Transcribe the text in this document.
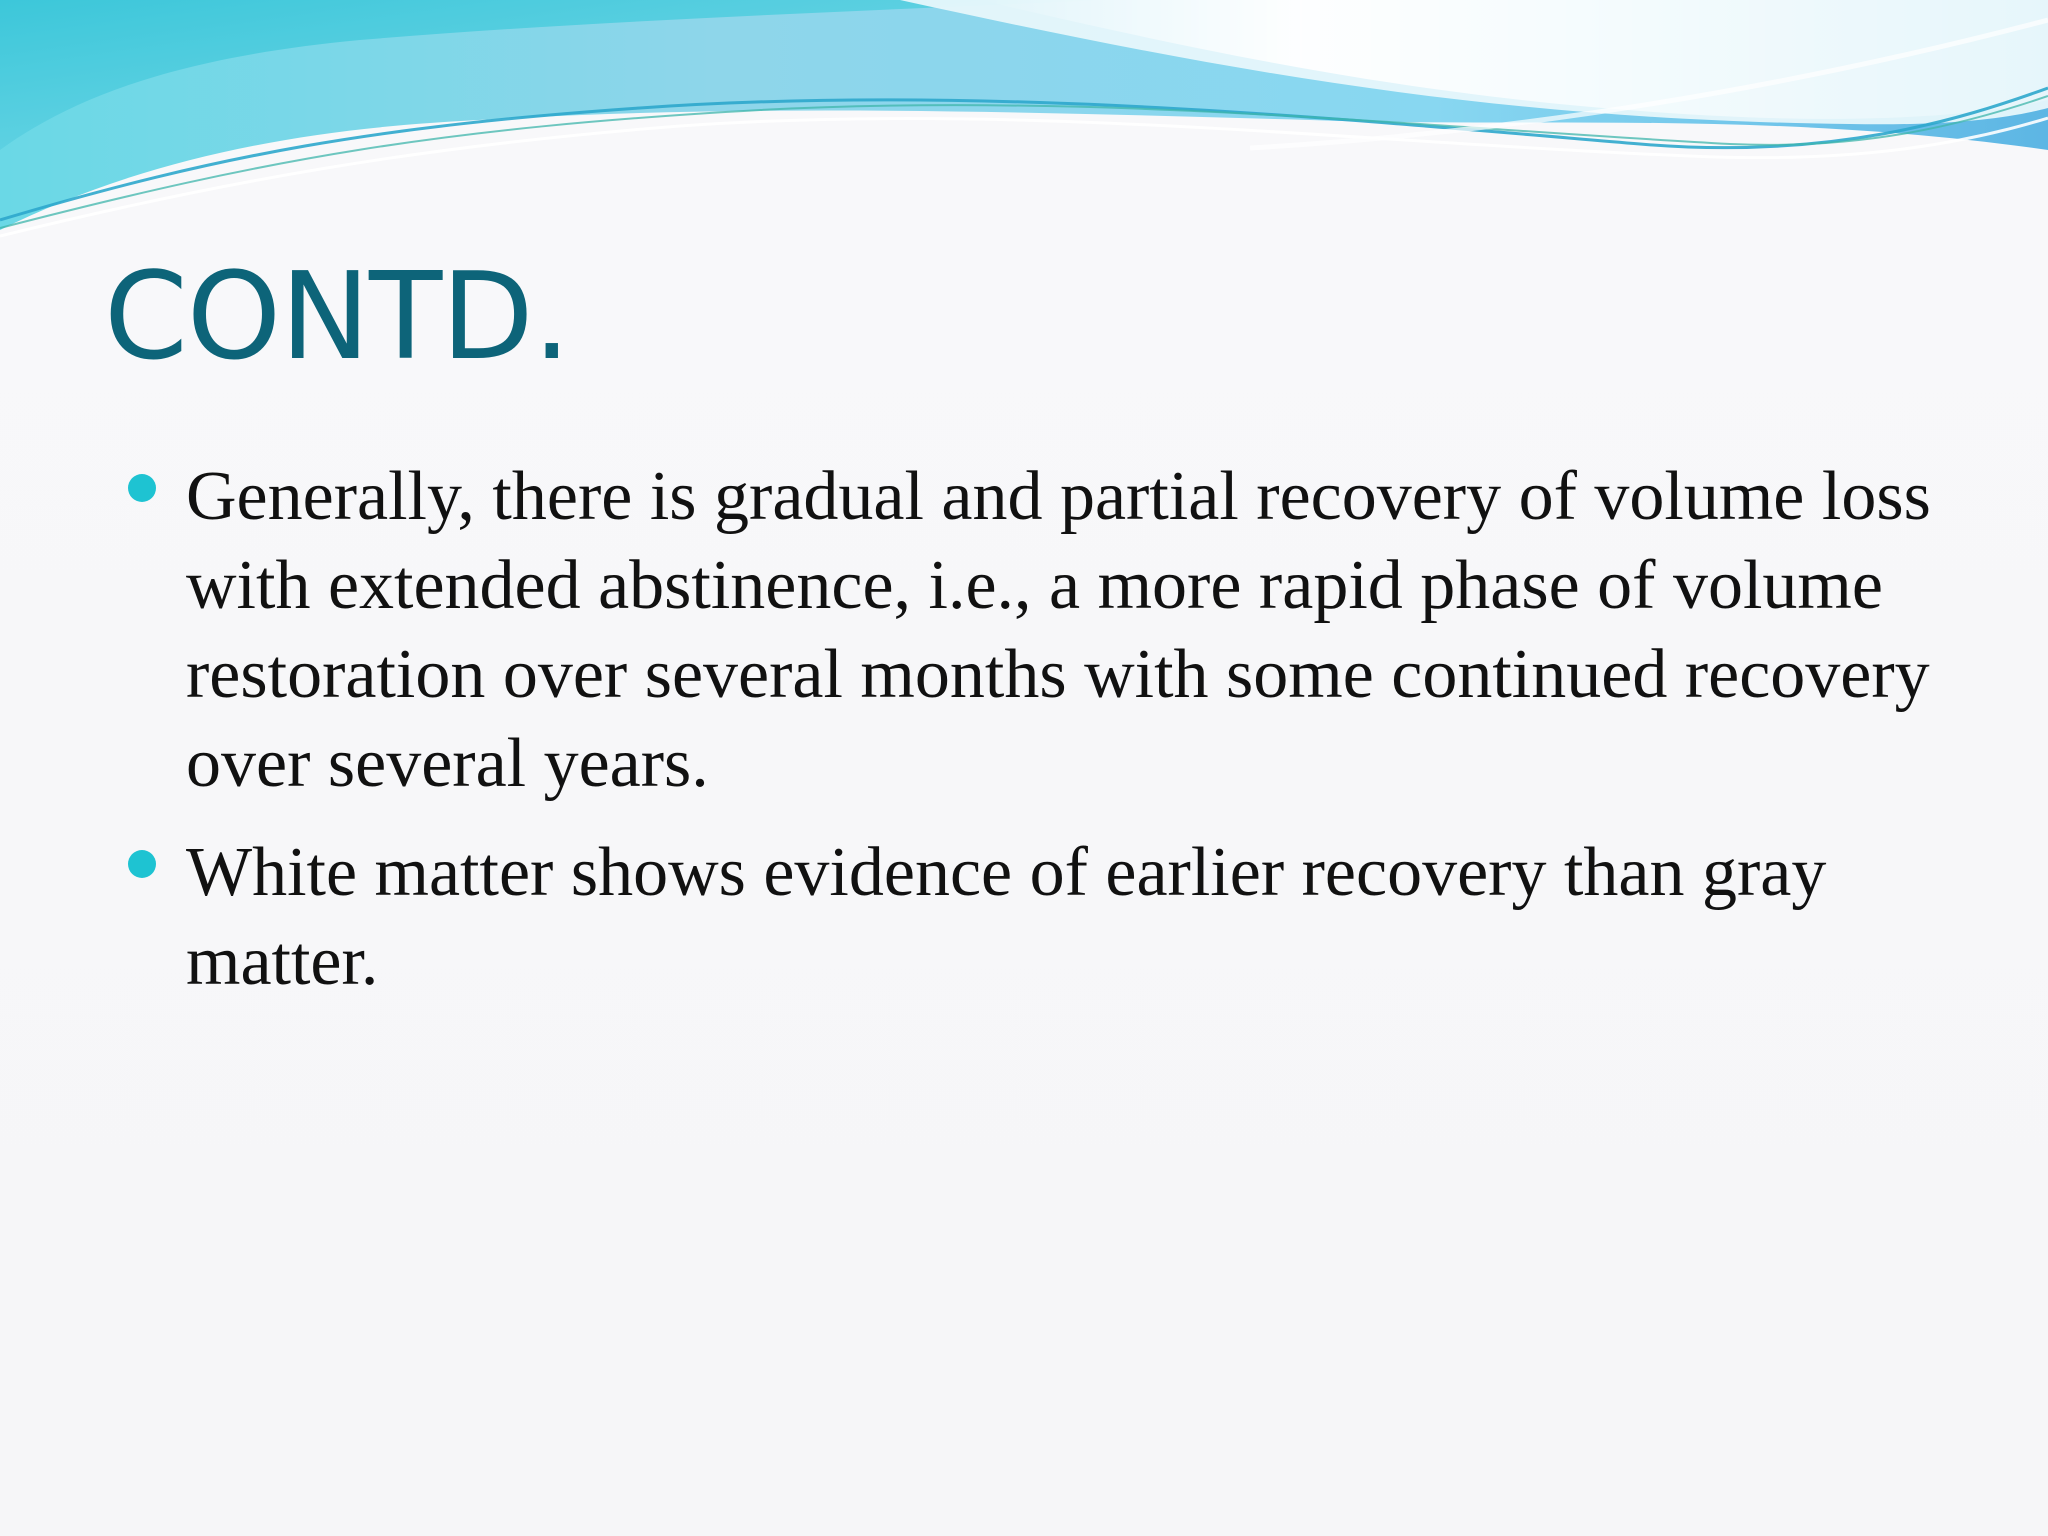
CONTD.
Generally, there is gradual and partial recovery of volume loss with extended abstinence, i.e., a more rapid phase of volume restoration over several months with some continued recovery over several years.
White matter shows evidence of earlier recovery than gray matter.
